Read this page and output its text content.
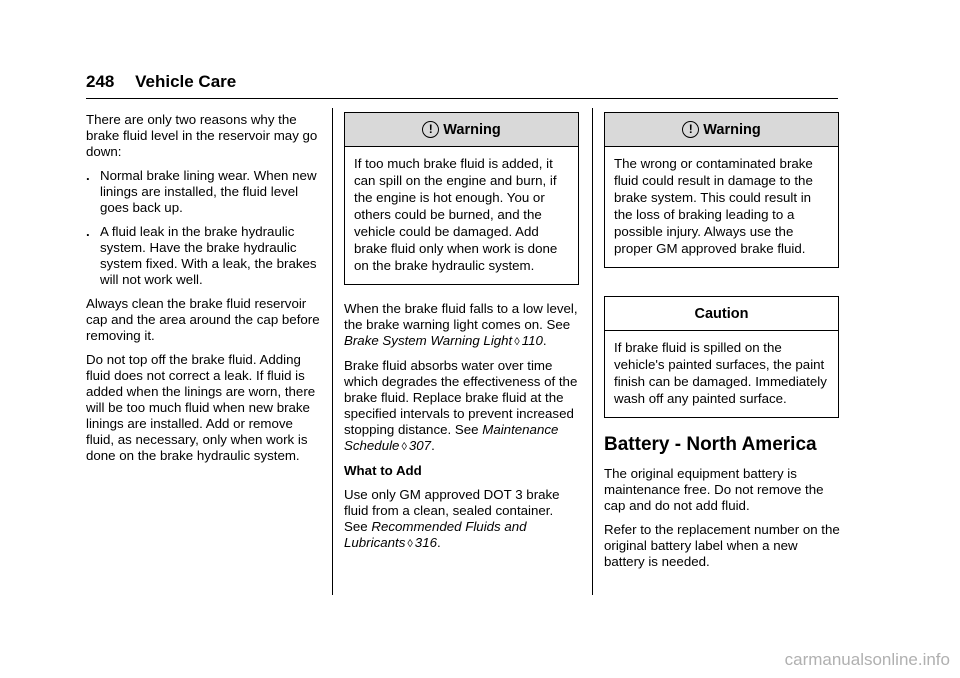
248 Vehicle Care

There are only two reasons why the brake fluid level in the reservoir may go down:

. Normal brake lining wear. When new linings are installed, the fluid level goes back up.
. A fluid leak in the brake hydraulic system. Have the brake hydraulic system fixed. With a leak, the brakes will not work well.

Always clean the brake fluid reservoir cap and the area around the cap before removing it.

Do not top off the brake fluid. Adding fluid does not correct a leak. If fluid is added when the linings are worn, there will be too much fluid when new brake linings are installed. Add or remove fluid, as necessary, only when work is done on the brake hydraulic system.

! Warning
If too much brake fluid is added, it can spill on the engine and burn, if the engine is hot enough. You or others could be burned, and the vehicle could be damaged. Add brake fluid only when work is done on the brake hydraulic system.

When the brake fluid falls to a low level, the brake warning light comes on. See Brake System Warning Light ◊ 110.

Brake fluid absorbs water over time which degrades the effectiveness of the brake fluid. Replace brake fluid at the specified intervals to prevent increased stopping distance. See Maintenance Schedule ◊ 307.

What to Add

Use only GM approved DOT 3 brake fluid from a clean, sealed container. See Recommended Fluids and Lubricants ◊ 316.

! Warning
The wrong or contaminated brake fluid could result in damage to the brake system. This could result in the loss of braking leading to a possible injury. Always use the proper GM approved brake fluid.
Caution
If brake fluid is spilled on the vehicle's painted surfaces, the paint finish can be damaged. Immediately wash off any painted surface.
Battery - North America

The original equipment battery is maintenance free. Do not remove the cap and do not add fluid.

Refer to the replacement number on the original battery label when a new battery is needed.

carmanualsonline.info
